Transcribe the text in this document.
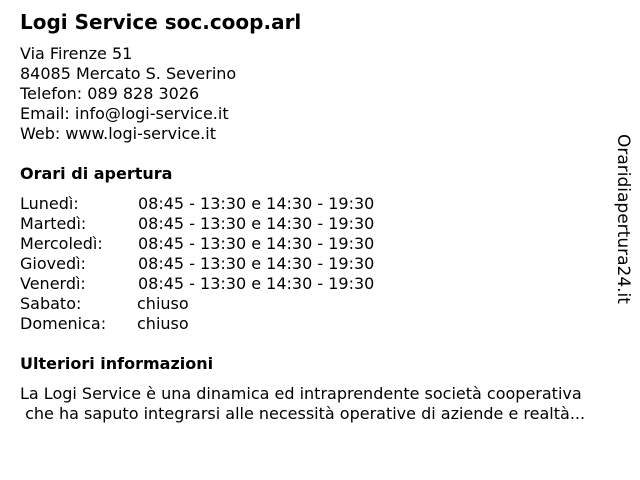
Logi Service soc.coop.arl
Via Firenze 51
84085 Mercato S. Severino
Telefon: 089 828 3026
Email: info@logi-service.it
Web: www.logi-service.it
Orari di apertura
Lunedì:	08:45 - 13:30 e 14:30 - 19:30
Martedì:	08:45 - 13:30 e 14:30 - 19:30
Mercoledì: 08:45 - 13:30 e 14:30 - 19:30
Giovedì:	08:45 - 13:30 e 14:30 - 19:30
Venerdì:	08:45 - 13:30 e 14:30 - 19:30
Sabato:	chiuso
Domenica: chiuso
Ulteriori informazioni
La Logi Service è una dinamica ed intraprendente società cooperativa
che ha saputo integrarsi alle necessità operative di aziende e realtà...
Oraridiapertura24.it
